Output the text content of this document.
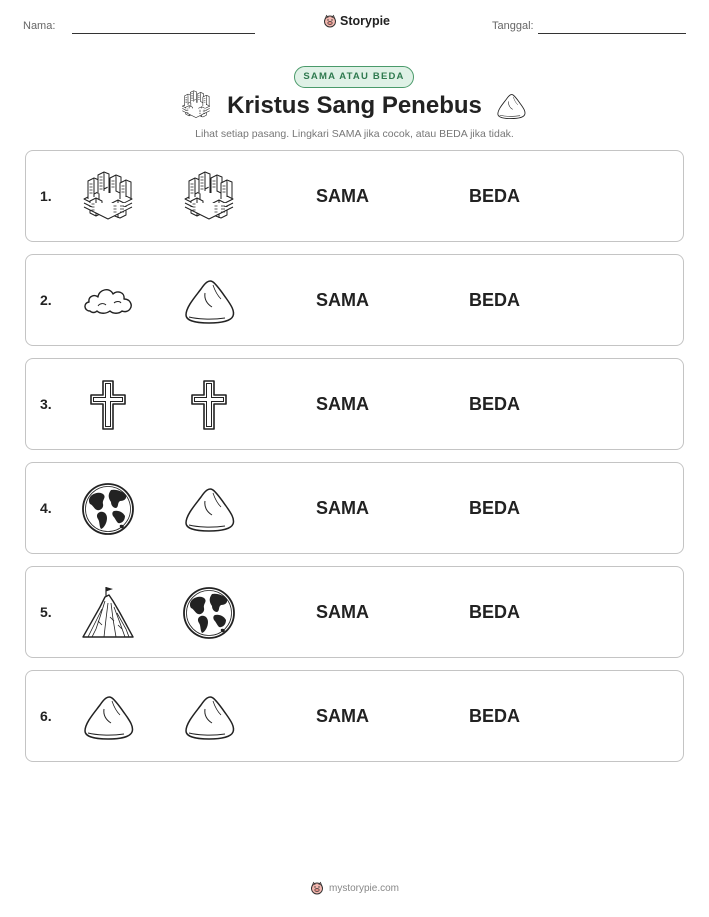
Nama:	Storypie	Tanggal:
SAMA ATAU BEDA
Kristus Sang Penebus
Lihat setiap pasang. Lingkari SAMA jika cocok, atau BEDA jika tidak.
1.	SAMA	BEDA
2.	SAMA	BEDA
3.	SAMA	BEDA
4.	SAMA	BEDA
5.	SAMA	BEDA
6.	SAMA	BEDA
mystorypie.com
